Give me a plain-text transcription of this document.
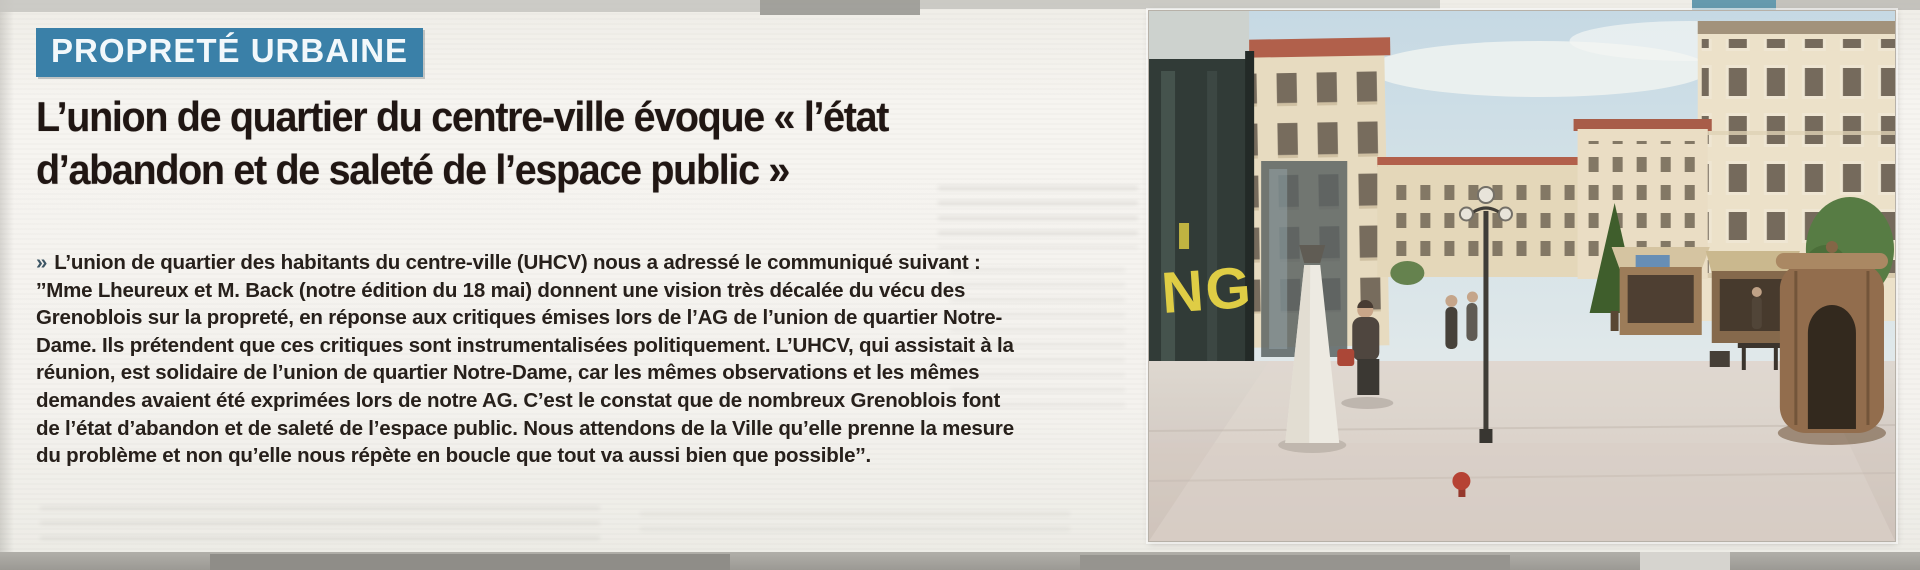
PROPRETÉ URBAINE
L’union de quartier du centre-ville évoque « l’état
d’abandon et de saleté de l’espace public »
» L’union de quartier des habitants du centre-ville (UHCV) nous a adressé le communiqué suivant :
’’Mme Lheureux et M. Back (notre édition du 18 mai) donnent une vision très décalée du vécu des
Grenoblois sur la propreté, en réponse aux critiques émises lors de l’AG de l’union de quartier Notre-
Dame. Ils prétendent que ces critiques sont instrumentalisées politiquement. L’UHCV, qui assistait à la
réunion, est solidaire de l’union de quartier Notre-Dame, car les mêmes observations et les mêmes
demandes avaient été exprimées lors de notre AG. C’est le constat que de nombreux Grenoblois font
de l’état d’abandon et de saleté de l’espace public. Nous attendons de la Ville qu’elle prenne la mesure
du problème et non qu’elle nous répète en boucle que tout va aussi bien que possible’’.
NG
